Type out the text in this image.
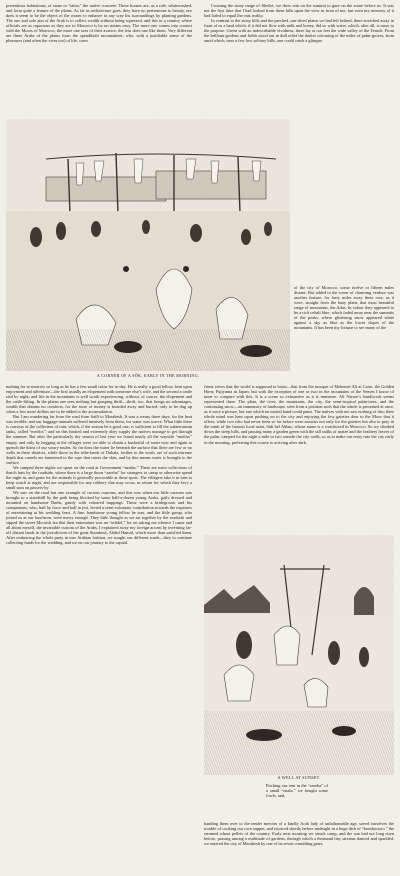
pretentious habitations, of stone or “tabia,” the native concrete. These houses are, as a rule, whitewashed, and form quite a feature of the plains. As far as architecture goes, they have no pretensions to beauty, nor does it seem to be the object of the owner to enhance in any way his surroundings by planting gardens. The one and sole aim of the Arab is to collect wealth without being squeezed, and this in a country where officials are as rapacious as they are in Morocco is by no means easy. The more one comes into contact with the Moors of Morocco, the more one sees of their avarice, the less does one like them. Very different are these Arabs of the plains from the spendthrift mountaineer, who, with a justifiable sense of the pleasures (and often the vices too) of life, cares

Crossing the stony range of Jibeilet, we drew rein on the summit to gaze on the scene before us. It was not the first time that I had looked from these hills upon the view in front of me, but even my memory of it had failed to equal the vast reality.

In contrast to the stony hills and the parched, sun-dried plains we had left behind, there stretched away in front of us a land which, if it did not flow with milk and honey, did so with water, which, after all, is more to the purpose. Green with an indescribable vividness, there lay at our feet the wide valley of the Tensift. From the brilliant gardens and fields stood out in dull relief the darker colouring of the miles of palm-groves, from amid which, near a few low solitary hills, one could catch a glimpse

of the city of Morocco, some twelve or fifteen miles distant. But added to the scene of charming verdure was another feature, for forty miles away there rose, as it were, straight from the hazy plain, that most beautiful range of mountains, the Atlas. In colour they appeared to be a rich cobalt blue, which faded away near the summits of the peaks, where glistening snow appeared white against a sky as blue as the lower slopes of the mountains. It has been my fortune to see many of the

A CORNER OF A SÔK, EARLY IN THE MORNING.

nothing for to-morrow so long as he has a few small coins for to-day. He is really a good fellow, bent upon enjoyment and adventure—the first usually an elopement with someone else’s wife, and the second a cattle raid by night; and life in the mountains is well worth experiencing, without, of course, the elopement and the cattle-lifting. In the plains one sees nothing but grasping thrift—thrift, too, that brings no advantages, wealth that obtains no comforts, for the store of money is hoarded away and buried, only to be dug up when a few more dollars are to be added to the accumulation.

But I am wandering far from the road from Saffi to Marakesh. It was a weary three days, for the heat was terrible, and our baggage-animals suffered intensely from thirst, for water was scarce. What little there is consists of the collection of rain, which, if the season be a good one, is sufficient to fill the subterranean tanks, called “metfirs”; and on this limited and extremely dirty supply the natives manage to get through the summer. But after the particularly dry season of last year we found nearly all the wayside “metfirs” empty, and only by begging at the villages were we able to obtain a bucketful of water now and again to quench the thirst of our weary mules. So far does the water lie beneath the surface that there are few or no wells in these districts, while those in the tribe-lands of Dukala, further to the north, are of such extreme depth that camels are harnessed to the rope that raises the skin, and by this means water is brought to the surface.

We camped three nights we spent on the road at Government “nzalas.” These are mere collections of thatch huts by the roadside, where there is a large thorn “zareba” for strangers to camp or otherwise spend the night in, and grain for the animals is generally procurable at these spots. The villagers take it in turn to keep watch at night, and are responsible for any robbery that may occur, in return for which they levy a small sum on passers-by.

We saw on the road but one example of curious customs, and this was when our little caravan was brought to a standstill by the path being blocked by some half-a-dozen young Arabs, gaily dressed and mounted on handsome Barbs, gaudy with coloured trappings. These were a bridegroom and his companions, who, half by force and half in jest, levied a semi-voluntary contribution towards the expenses of entertaining at his wedding feast. A fine, handsome young fellow he was, and the little group, who joined us at our luncheon, were merry enough. They little thought as we sat together by the roadside and sipped the sweet Moorish tea that their entertainer was an “infidel,” for on asking me whence I came and all about myself, the invariable custom of the Arabs, I explained away my foreign accent by inventing far-off distant lands in the jurisdiction of the great Stamboul, Abdul Hamid, which more than satisfied them. After embracing the whole party in true Arabian fashion, we sought our different roads—they to continue collecting funds for the wedding, and we on our journey to the capital.

finest views that the world is supposed to boast—that from the mosque of Mehemet Ali at Cairo; the Golden Horn; Fujiyama in Japan; but with the exception of one or two in the mountains of the Yemen I know of none to compare with this. It is a scene so exhaustive as it is immense. All Nature’s handiwork seems represented there. The plain, the river, the mountains, the city, the semi-tropical palm-trees, and the contrasting snow—an immensity of landscape, seen from a position such that the whole is presented at once, as it were a picture, but one which no mortal hand could paint. The natives with me saw nothing of this; their whole mind was bent upon pushing on to the city and enjoying the few gaieties dear to the Moor that it offers; while two who had never been so far before were anxious not only for the gaieties but also to pray in the tomb of the famous local saint, Sidi bel Abbas, whose name is a watchword in Morocco. So we climbed down the steep hills, and passing many a garden green with the tall stalks of maize and the feathery leaves of the palm, camped for the night a mile or two outside the city walls, so as to make our entry into the city early in the morning, preferring this course to arriving after dark.

A WELL AT SUNSET.

Pitching our tent in the “zareba” of a small “nzala,” we bought some fowls, and,

handing them over to the tender mercies of a kindly Arab lady of unfathomable age, saved ourselves the trouble of cooking our own supper, and rejoiced shortly before midnight in a huge dish of “kooskoosoo,” the steamed wheat pellets of the country. Early next morning we struck camp, and the sun had not long risen before, passing among a multitude of gardens, through which a thousand tiny streams danced and sparkled, we entered the city of Marakesh by one of its seven crumbling gates.
